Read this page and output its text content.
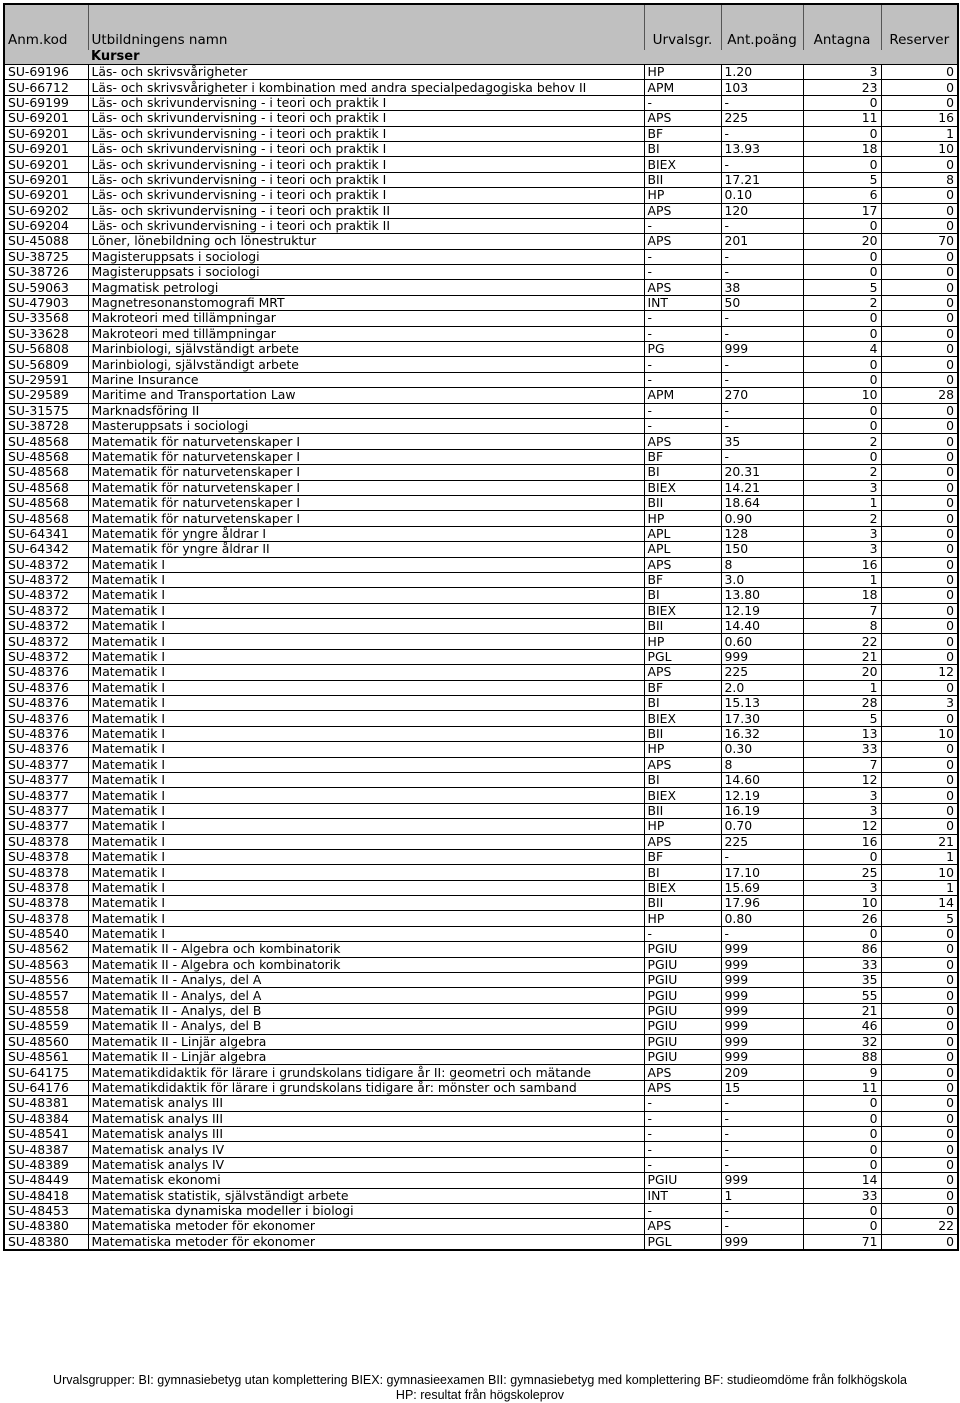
Anm.kod	Utbildningens namn	Urvalsgr.	Ant.poäng	Antagna	Reserver
	Kurser				
SU-69196	Läs- och skrivsvårigheter	HP	1.20	3	0
SU-66712	Läs- och skrivsvårigheter i kombination med andra specialpedagogiska behov II	APM	103	23	0
SU-69199	Läs- och skrivundervisning - i teori och praktik I	-	-	0	0
SU-69201	Läs- och skrivundervisning - i teori och praktik I	APS	225	11	16
SU-69201	Läs- och skrivundervisning - i teori och praktik I	BF	-	0	1
SU-69201	Läs- och skrivundervisning - i teori och praktik I	BI	13.93	18	10
SU-69201	Läs- och skrivundervisning - i teori och praktik I	BIEX	-	0	0
SU-69201	Läs- och skrivundervisning - i teori och praktik I	BII	17.21	5	8
SU-69201	Läs- och skrivundervisning - i teori och praktik I	HP	0.10	6	0
SU-69202	Läs- och skrivundervisning - i teori och praktik II	APS	120	17	0
SU-69204	Läs- och skrivundervisning - i teori och praktik II	-	-	0	0
SU-45088	Löner, lönebildning och lönestruktur	APS	201	20	70
SU-38725	Magisteruppsats i sociologi	-	-	0	0
SU-38726	Magisteruppsats i sociologi	-	-	0	0
SU-59063	Magmatisk petrologi	APS	38	5	0
SU-47903	Magnetresonanstomografi MRT	INT	50	2	0
SU-33568	Makroteori med tillämpningar	-	-	0	0
SU-33628	Makroteori med tillämpningar	-	-	0	0
SU-56808	Marinbiologi, självständigt arbete	PG	999	4	0
SU-56809	Marinbiologi, självständigt arbete	-	-	0	0
SU-29591	Marine Insurance	-	-	0	0
SU-29589	Maritime and Transportation Law	APM	270	10	28
SU-31575	Marknadsföring II	-	-	0	0
SU-38728	Masteruppsats i sociologi	-	-	0	0
SU-48568	Matematik för naturvetenskaper I	APS	35	2	0
SU-48568	Matematik för naturvetenskaper I	BF	-	0	0
SU-48568	Matematik för naturvetenskaper I	BI	20.31	2	0
SU-48568	Matematik för naturvetenskaper I	BIEX	14.21	3	0
SU-48568	Matematik för naturvetenskaper I	BII	18.64	1	0
SU-48568	Matematik för naturvetenskaper I	HP	0.90	2	0
SU-64341	Matematik för yngre åldrar I	APL	128	3	0
SU-64342	Matematik för yngre åldrar II	APL	150	3	0
SU-48372	Matematik I	APS	8	16	0
SU-48372	Matematik I	BF	3.0	1	0
SU-48372	Matematik I	BI	13.80	18	0
SU-48372	Matematik I	BIEX	12.19	7	0
SU-48372	Matematik I	BII	14.40	8	0
SU-48372	Matematik I	HP	0.60	22	0
SU-48372	Matematik I	PGL	999	21	0
SU-48376	Matematik I	APS	225	20	12
SU-48376	Matematik I	BF	2.0	1	0
SU-48376	Matematik I	BI	15.13	28	3
SU-48376	Matematik I	BIEX	17.30	5	0
SU-48376	Matematik I	BII	16.32	13	10
SU-48376	Matematik I	HP	0.30	33	0
SU-48377	Matematik I	APS	8	7	0
SU-48377	Matematik I	BI	14.60	12	0
SU-48377	Matematik I	BIEX	12.19	3	0
SU-48377	Matematik I	BII	16.19	3	0
SU-48377	Matematik I	HP	0.70	12	0
SU-48378	Matematik I	APS	225	16	21
SU-48378	Matematik I	BF	-	0	1
SU-48378	Matematik I	BI	17.10	25	10
SU-48378	Matematik I	BIEX	15.69	3	1
SU-48378	Matematik I	BII	17.96	10	14
SU-48378	Matematik I	HP	0.80	26	5
SU-48540	Matematik I	-	-	0	0
SU-48562	Matematik II - Algebra och kombinatorik	PGIU	999	86	0
SU-48563	Matematik II - Algebra och kombinatorik	PGIU	999	33	0
SU-48556	Matematik II - Analys, del A	PGIU	999	35	0
SU-48557	Matematik II - Analys, del A	PGIU	999	55	0
SU-48558	Matematik II - Analys, del B	PGIU	999	21	0
SU-48559	Matematik II - Analys, del B	PGIU	999	46	0
SU-48560	Matematik II - Linjär algebra	PGIU	999	32	0
SU-48561	Matematik II - Linjär algebra	PGIU	999	88	0
SU-64175	Matematikdidaktik för lärare i grundskolans tidigare år II: geometri och mätande	APS	209	9	0
SU-64176	Matematikdidaktik för lärare i grundskolans tidigare år: mönster och samband	APS	15	11	0
SU-48381	Matematisk analys III	-	-	0	0
SU-48384	Matematisk analys III	-	-	0	0
SU-48541	Matematisk analys III	-	-	0	0
SU-48387	Matematisk analys IV	-	-	0	0
SU-48389	Matematisk analys IV	-	-	0	0
SU-48449	Matematisk ekonomi	PGIU	999	14	0
SU-48418	Matematisk statistik, självständigt arbete	INT	1	33	0
SU-48453	Matematiska dynamiska modeller i biologi	-	-	0	0
SU-48380	Matematiska metoder för ekonomer	APS	-	0	22
SU-48380	Matematiska metoder för ekonomer	PGL	999	71	0
Urvalsgrupper: BI: gymnasiebetyg utan komplettering BIEX: gymnasieexamen BII: gymnasiebetyg med komplettering BF: studieomdöme från folkhögskola
HP: resultat från högskoleprov
